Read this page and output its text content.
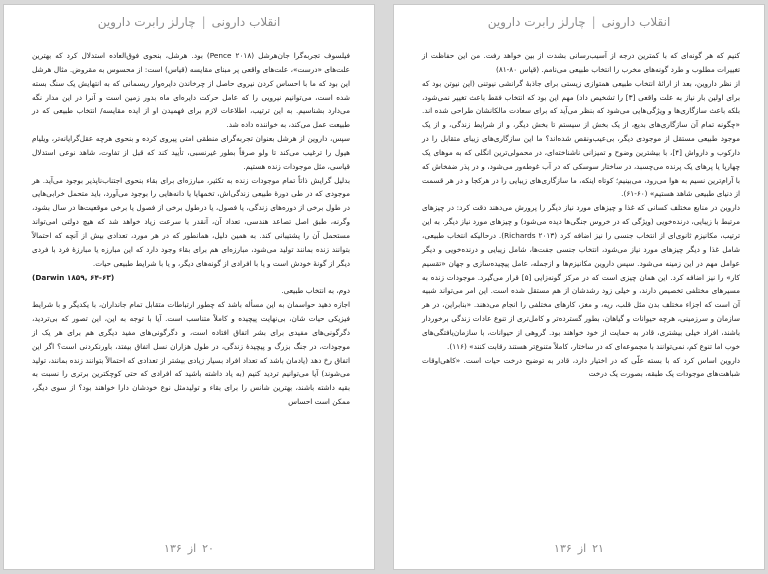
انقلاب دارونی|چارلز رابرت داروین

فیلسوف تجربه‌گرا جان‌هرشل (Pence ۲۰۱۸) بود. هرشل، بنحوی فوق‌العاده استدلال کرد که بهترین علت‌های «درست»، علت‌های واقعی پر مبنای مقایسه (قیاس) است: از محسوس به مقروض. مثال هرشل این بود که ما با احساس کردن نیروی حاصل از چرخاندن دایره‌وار ریسمانی که به انتهایش یک سنگ بسته شده است، می‌توانیم نیرویی را که عامل حرکت دایره‌ای ماه بدور زمین است و آنرا در این مدار نگه می‌دارد بشناسیم. به این ترتیب، اطلاعات لازم برای فهمیدن او از ایده مقایسه/ انتخاب طبیعی که در طبیعت عمل می‌کند، به خواننده داده شد.

سپس، داروین از هرشل بعنوان تجربه‌گرای منطقی امتی پیروی کرده و بنحوی هرچه عقل‌گرایانه‌تر، ویلیام هیول را ترغیب می‌کند تا ولو صرفاً بطور غیرنسبی، تأیید کند که قبل از تفاوت، شاهد نوعی استدلال قیاسی، مثل موجودات زنده هستیم.

بدلیل گرایش ذاتاً تمام موجودات زنده به تکثیر، مبارزه‌ای برای بقاء بنحوی اجتناب‌ناپذیر بوجود می‌آید. هر موجودی که در طی دورهٔ طبیعی زندگی‌اش، تخمهایا یا دانه‌هایی را بوجود می‌آورد، باید متحمل خرابی‌هایی در طول برخی از دوره‌های زندگی، یا فصول، یا درطول برخی از فصول یا برخی موقعیت‌ها در سال بشود، وگرنه، طبق اصل تصاعد هندسی، تعداد آن، آنقدر با سرعت زیاد خواهد شد که هیچ دولتی امی‌تواند مستحمل آن را پشتیبانی کند. به همین دلیل، همانطور که در هر مورد، تعدادی بیش از آنچه که احتمالاً بتوانند زنده بمانند تولید می‌شود، مبارزه‌ای هم برای بقاء وجود دارد که این مبارزه یا مبارزهٔ فرد با فردی دیگر از گونهٔ خودش است و یا با افرادی از گونه‌های دیگر، و یا با شرایط طبیعی حیات.

(Darwin ۱۸۵۹, ۶۴-۶۳)

دوم، به انتخاب طبیعی.

اجازه دهید حواسمان به این مسأله باشد که چطور ارتباطات متقابل تمام جانداران، با یکدیگر و با شرایط فیزیکی حیات شان، بی‌نهایت پیچیده و کاملاً متناسب است. آیا با توجه به این، این تصور که بی‌تردید، دگرگونی‌های مفیدی برای بشر اتفاق افتاده است، و دگرگونی‌های مفید دیگری هم برای هر یک از موجودات، در جنگ بزرگ و پیچیدهٔ زندگی، در طول هزاران نسل اتفاق بیفتد، باورنکردنی است؟ اگر این اتفاق رخ دهد (یادمان باشد که تعداد افراد بسیار زیادی بیشتر از تعدادی که احتمالاً بتوانند زنده بمانند، تولید می‌شوند) آیا می‌توانیم تردید کنیم (به یاد داشته باشید که افرادی که حتی کوچکترین برتری را نسبت به بقیه داشته باشند، بهترین شانس را برای بقاء و تولیدمثل نوع خودشان دارا خواهند بود؟ از سوی دیگر، ممکن است احساس

۲۰از۱۳۶
انقلاب دارونی|چارلز رابرت داروین

کنیم که هر گونه‌ای که با کمترین درجه از آسیب‌رسانی بشدت از بین خواهد رفت. من این حفاظت از تغییرات مطلوب و طرد گونه‌های مخرب را انتخاب طبیعی می‌نامم. (قیاس ۸۰-۸۱)

از نظر داروین، بعد از ارائهٔ انتخاب طبیعی همتوازی زیستی برای جاذبهٔ گرانشی نیوتنی (این نیوتن بود که برای اولین بار نیاز به علت واقعی [۳] را تشخیص داد) مهم این بود که انتخاب فقط باعث تغییر نمی‌شود، بلکه باعث سازگاری‌ها و ویژگی‌هایی می‌شود که بنظر می‌آید که برای سعادت مالکانشان طراحی شده اند. «چگونه تمام آن سازگاری‌های بدیع، از یک بخش از سیستم تا بخش دیگر، و از شرایط زندگی، و از یک موجود طبیعی مستقل از موجودی دیگر، بی‌عیب‌ونقص شده‌اند؟ ما این سازگاری‌های زیبای متقابل را در دارکوب و دارواش [۴]، با بیشترین وضوح و تمیزانی ناشناخته‌ای، در محمولی‌ترین انگلی که به موهای یک چهارپا یا پرهای یک پرنده می‌چسبد، در ساختار سوسکی که در آب غوطه‌ور می‌شود، و در پذر ضفخاش که با آرام‌ترین نسیم به هوا می‌رود، می‌بینیم؛ کوتاه اینکه، ما سازگاری‌های زیبایی را در هرکجا و در هر قسمت از دنیای طبیعی شاهد هستیم» (۶۰-۶۱).

داروین در منابع مختلف کسانی که غذا و چیزهای مورد نیاز دیگر را پرورش می‌دهند دقت کرد: در چیزهای مرتبط با زیبایی، درنده‌خویی (ویژگی که در خروس جنگی‌ها دیده می‌شود) و چیزهای مورد نیاز دیگر. به این ترتیب، مکانیزم ثانوی‌ای از انتخاب جنسی را نیز اضافه کرد (Richards ۲۰۱۳). درحالیکه انتخاب طبیعی، شامل غذا و دیگر چیزهای مورد نیاز می‌شود، انتخاب جنسی جفت‌ها، شامل زیبایی و درنده‌خویی و دیگر عوامل مهم در این زمینه می‌شود. سپس داروین مکانیزم‌ها و ازجمله، عامل پیچیده‌سازی و جهان «تقسیم کار» را نیز اضافه کرد. این همان چیزی است که در مرکز گونه‌زایی [۵] قرار می‌گیرد. موجودات زنده به مسیرهای مختلفی تخصیص دارند، و خیلی زود رشدشان از هم مستقل شده است. این امر می‌تواند شبیه آن است که اجزاء مختلف بدن مثل قلب، ریه، و مغز، کارهای مختلفی را انجام می‌دهند. «بنابراین، در هر سازمان و سرزمینی، هرچه حیوانات و گیاهان، بطور گسترده‌تر و کامل‌تری از تنوع عادات زندگی برخوردار باشند، افراد خیلی بیشتری، قادر به حمایت از خود خواهند بود. گروهی از حیوانات، با سازمان‌یافتگی‌های خوب اما تنوع کم، نمی‌توانند با مجموعه‌ای که در ساختار، کاملاً متنوع‌تر هستند رقابت کنند» (۱۱۶).

داروین اساس کرد که با بسته علّی که در اختیار دارد، قادر به توضیح درخت حیات است. «کاهی‌اوقات شباهت‌های موجودات یک طبقه، بصورت یک درخت

۲۱از۱۳۶
